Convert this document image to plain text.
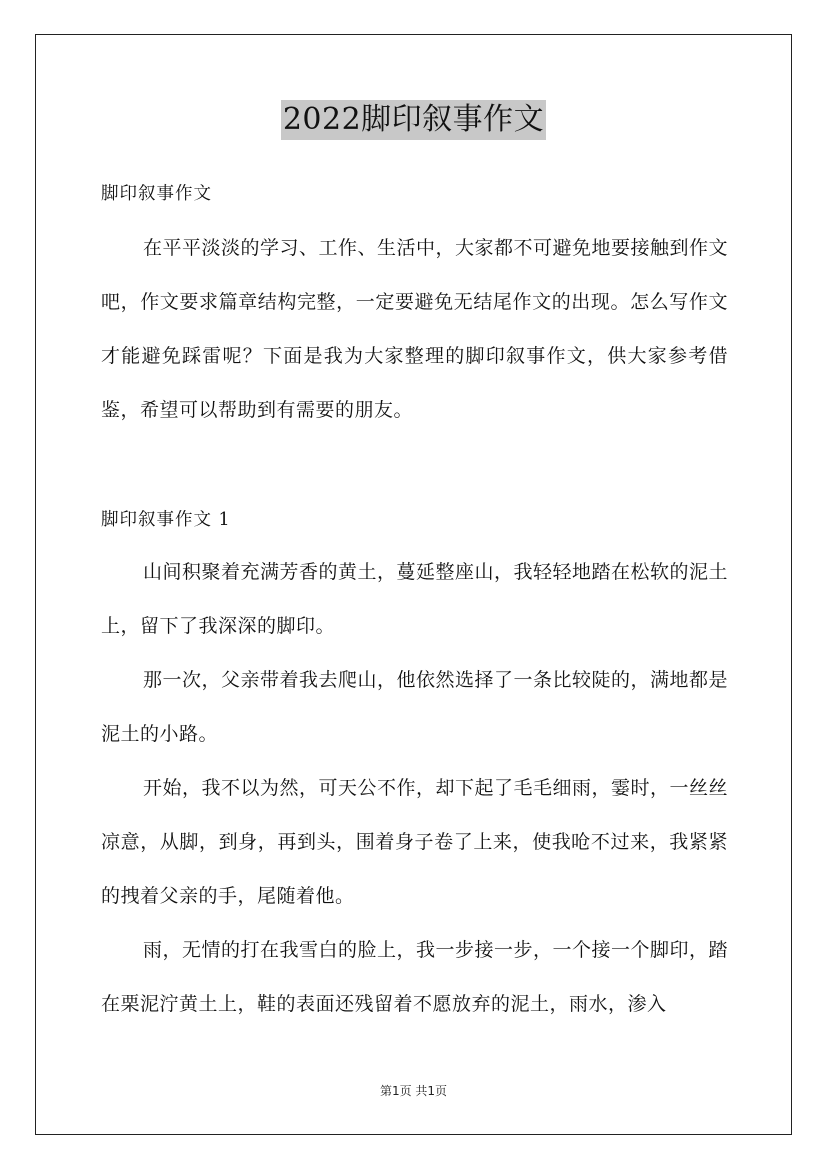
2022脚印叙事作文
脚印叙事作文
在平平淡淡的学习、工作、生活中，大家都不可避免地要接触到作文吧，作文要求篇章结构完整，一定要避免无结尾作文的出现。怎么写作文才能避免踩雷呢？下面是我为大家整理的脚印叙事作文，供大家参考借鉴，希望可以帮助到有需要的朋友。
脚印叙事作文 1
山间积聚着充满芳香的黄土，蔓延整座山，我轻轻地踏在松软的泥土上，留下了我深深的脚印。
那一次，父亲带着我去爬山，他依然选择了一条比较陡的，满地都是泥土的小路。
开始，我不以为然，可天公不作，却下起了毛毛细雨，霎时，一丝丝凉意，从脚，到身，再到头，围着身子卷了上来，使我呛不过来，我紧紧的拽着父亲的手，尾随着他。
雨，无情的打在我雪白的脸上，我一步接一步，一个接一个脚印，踏在栗泥泞黄土上，鞋的表面还残留着不愿放弃的泥土，雨水，渗入
第1页 共1页
